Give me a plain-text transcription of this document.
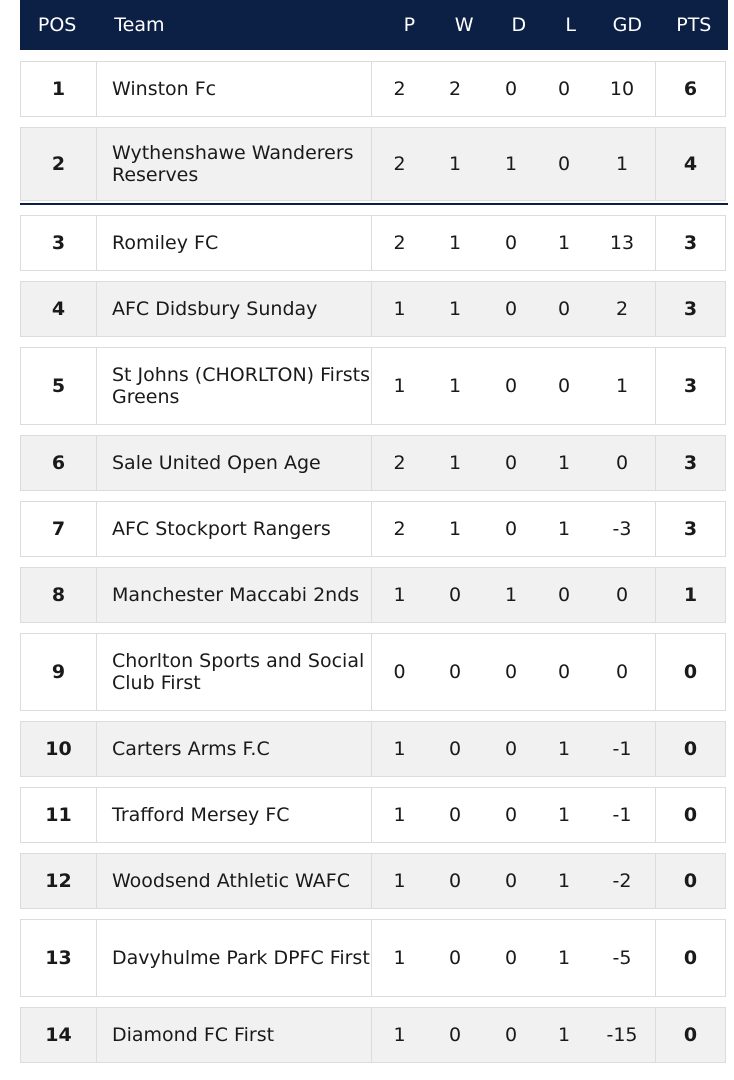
POS	Team	P	W	D	L	GD	PTS
1	Winston Fc	2	2	0	0	10	6
2	Wythenshawe Wanderers Reserves	2	1	1	0	1	4
3	Romiley FC	2	1	0	1	13	3
4	AFC Didsbury Sunday	1	1	0	0	2	3
5	St Johns (CHORLTON) Firsts Greens	1	1	0	0	1	3
6	Sale United Open Age	2	1	0	1	0	3
7	AFC Stockport Rangers	2	1	0	1	-3	3
8	Manchester Maccabi 2nds	1	0	1	0	0	1
9	Chorlton Sports and Social Club First	0	0	0	0	0	0
10	Carters Arms F.C	1	0	0	1	-1	0
11	Trafford Mersey FC	1	0	0	1	-1	0
12	Woodsend Athletic WAFC	1	0	0	1	-2	0
13	Davyhulme Park DPFC First	1	0	0	1	-5	0
14	Diamond FC First	1	0	0	1	-15	0
